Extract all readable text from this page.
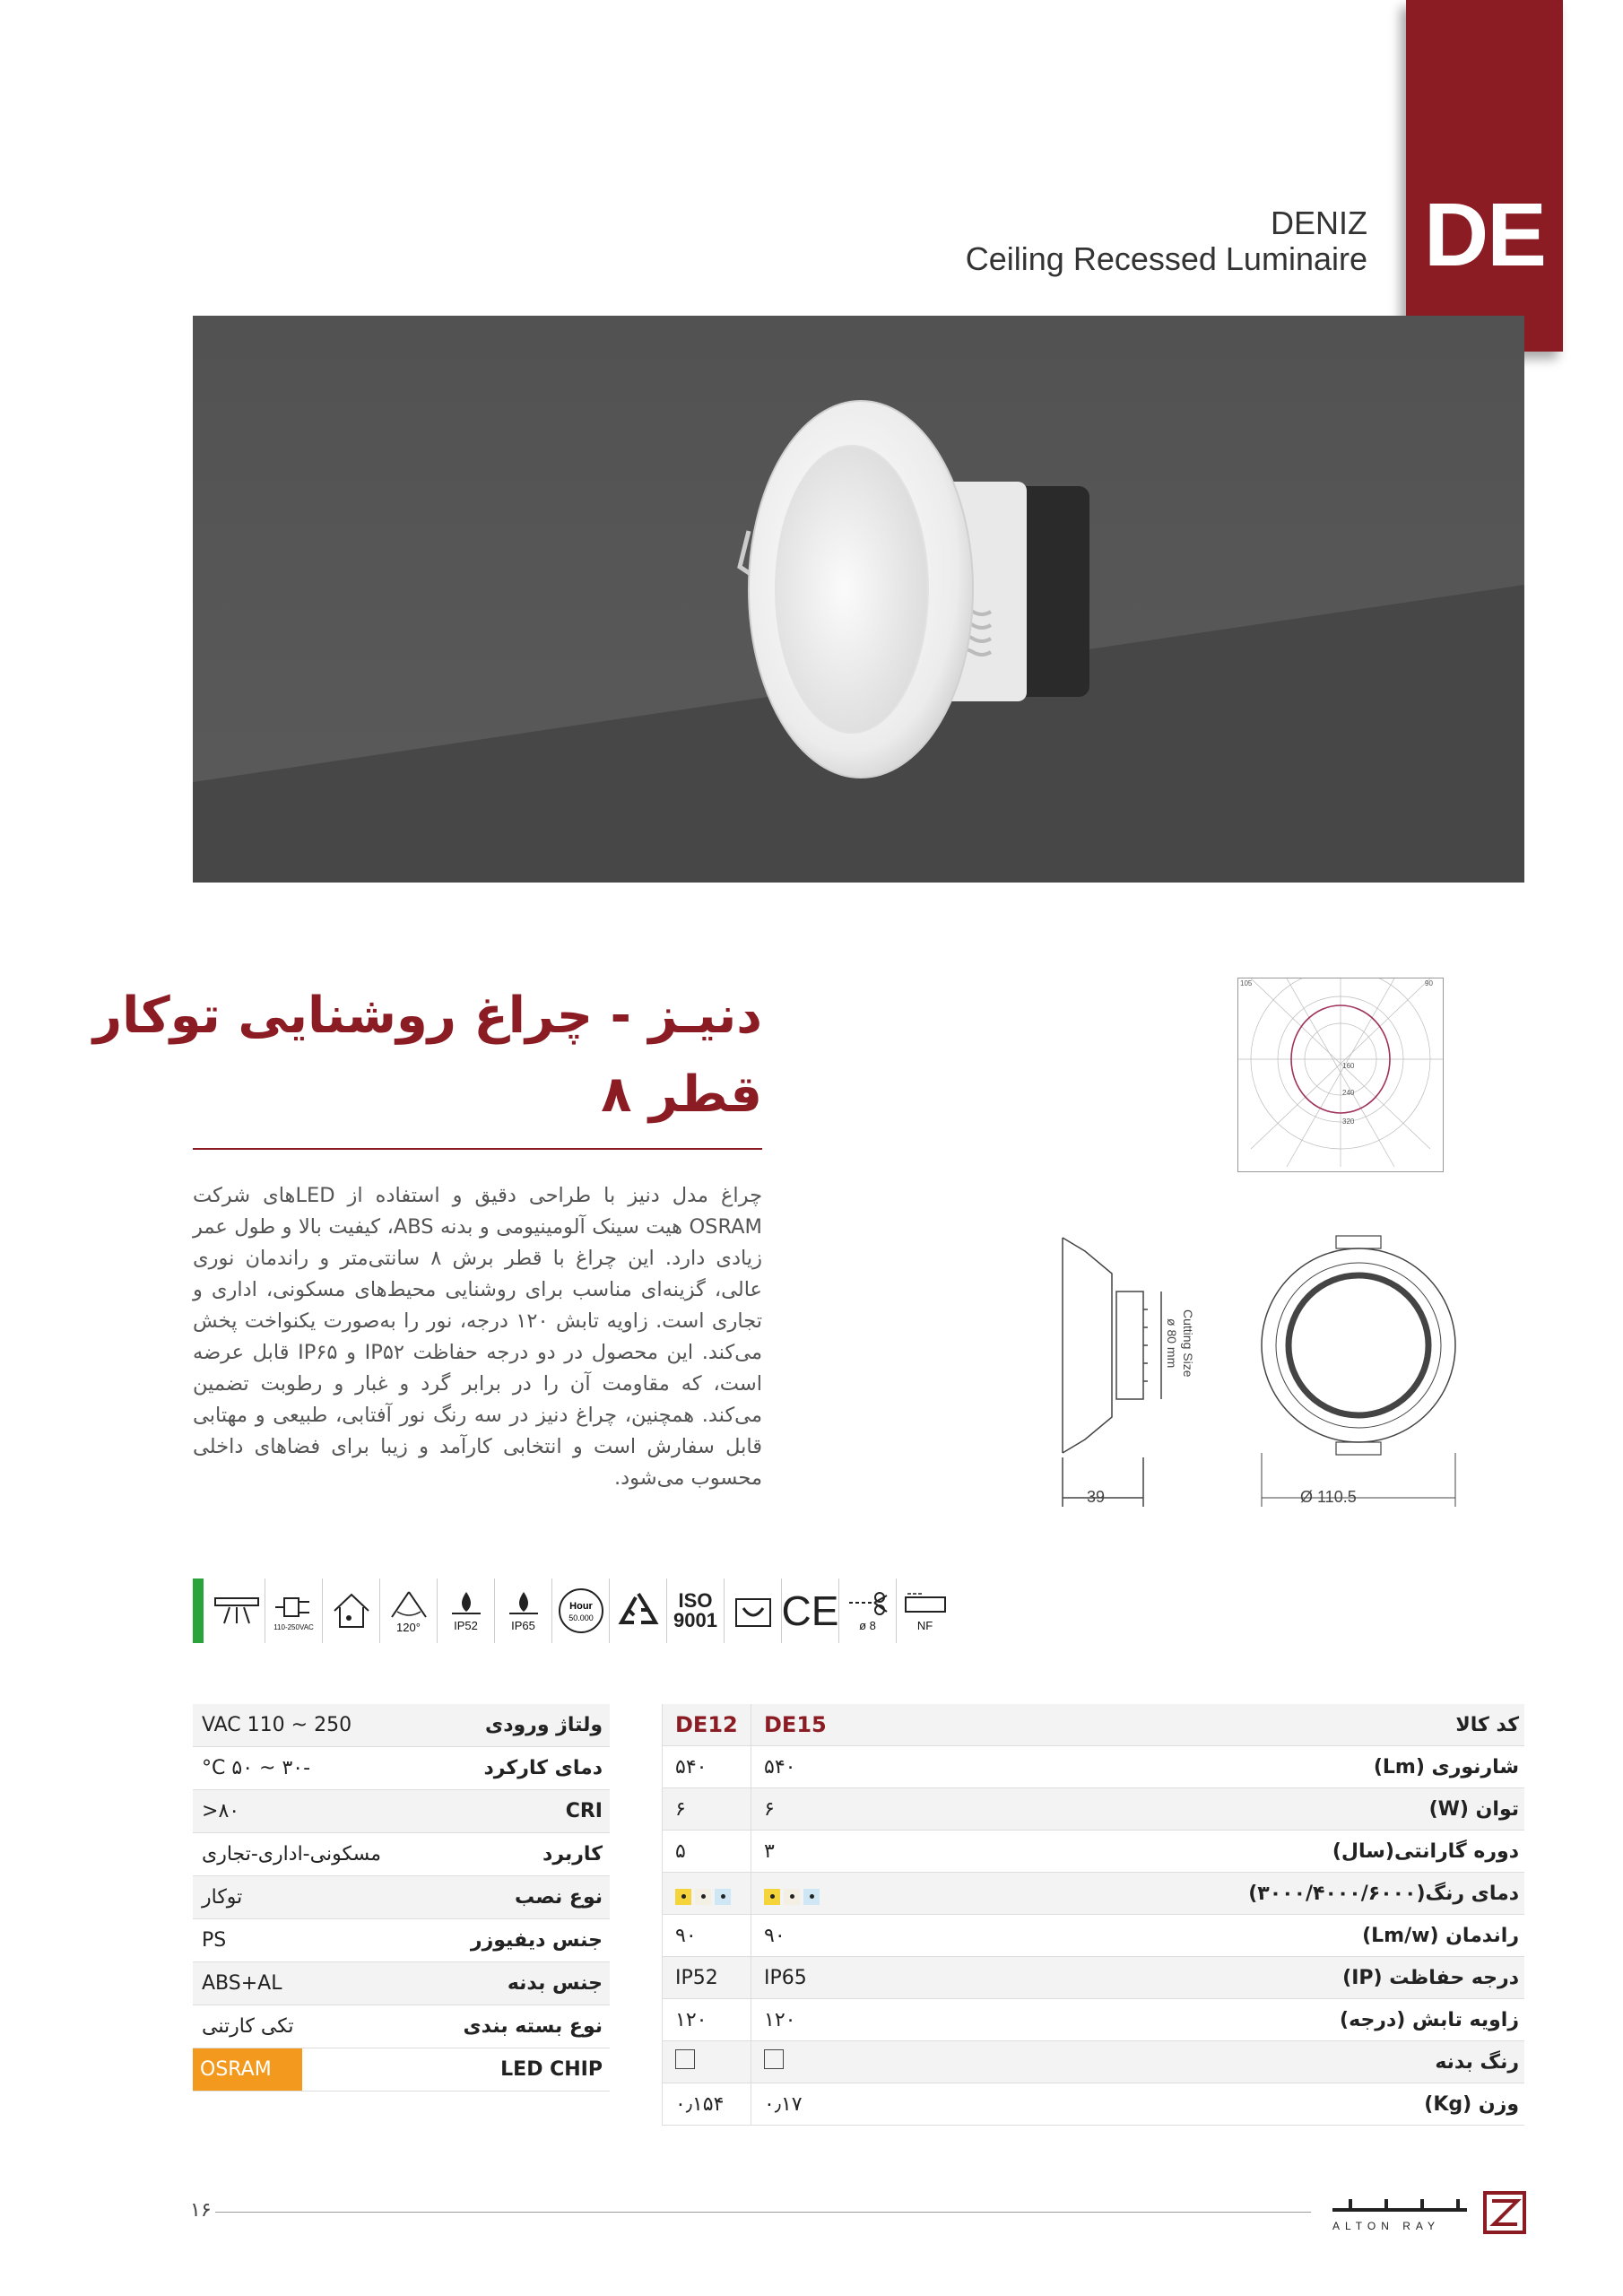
DE
DENIZ
Ceiling Recessed Luminaire
دنیـز - چراغ روشنایی توکار
قطر ۸
چراغ مدل دنیز با طراحی دقیق و استفاده از LEDهای شرکت OSRAM هیت سینک آلومینیومی و بدنه ABS، کیفیت بالا و طول عمر زیادی دارد. این چراغ با قطر برش ۸ سانتی‌متر و راندمان نوری عالی، گزینه‌ای مناسب برای روشنایی محیط‌های مسکونی، اداری و تجاری است. زاویه تابش ۱۲۰ درجه، نور را به‌صورت یکنواخت پخش می‌کند. این محصول در دو درجه حفاظت IP۵۲ و IP۶۵ قابل عرضه است، که مقاومت آن را در برابر گرد و غبار و رطوبت تضمین می‌کند. همچنین، چراغ دنیز در سه رنگ نور آفتابی، طبیعی و مهتابی قابل سفارش است و انتخابی کارآمد و زیبا برای فضاهای داخلی محسوب می‌شود.
105	90
160
240
320
39
Cutting Size
ø 80 mm
Ø 110.5
110-250VAC	120°	IP52	IP65
Hour
50.000
ISO
9001 CE ø 8	NF
250 ~ 110 VAC	ولتاژ ورودی
-۳۰ ~ ۵۰ C°	دمای کارکرد
۸۰<	CRI
مسکونی-اداری-تجاری	کاربرد
توکار	نوع نصب
PS	جنس دیفیوزر
ABS+AL	جنس بدنه
تکی کارتنی	نوع بسته بندی
OSRAM	LED CHIP
DE12	DE15	کد کالا
۵۴۰	۵۴۰	شارنوری (Lm)
۶	۶	توان (W)
۵	۳	دوره گارانتی(سال)

	دمای رنگ(۳۰۰۰/۴۰۰۰/۶۰۰۰)
۹۰	۹۰	راندمان (Lm/w)
IP52	IP65	درجه حفاظت (IP)
۱۲۰	۱۲۰	زاویه تابش (درجه)
		رنگ بدنه
۰٫۱۵۴	۰٫۱۷	وزن (Kg)
۱۶
ALTON RAY
